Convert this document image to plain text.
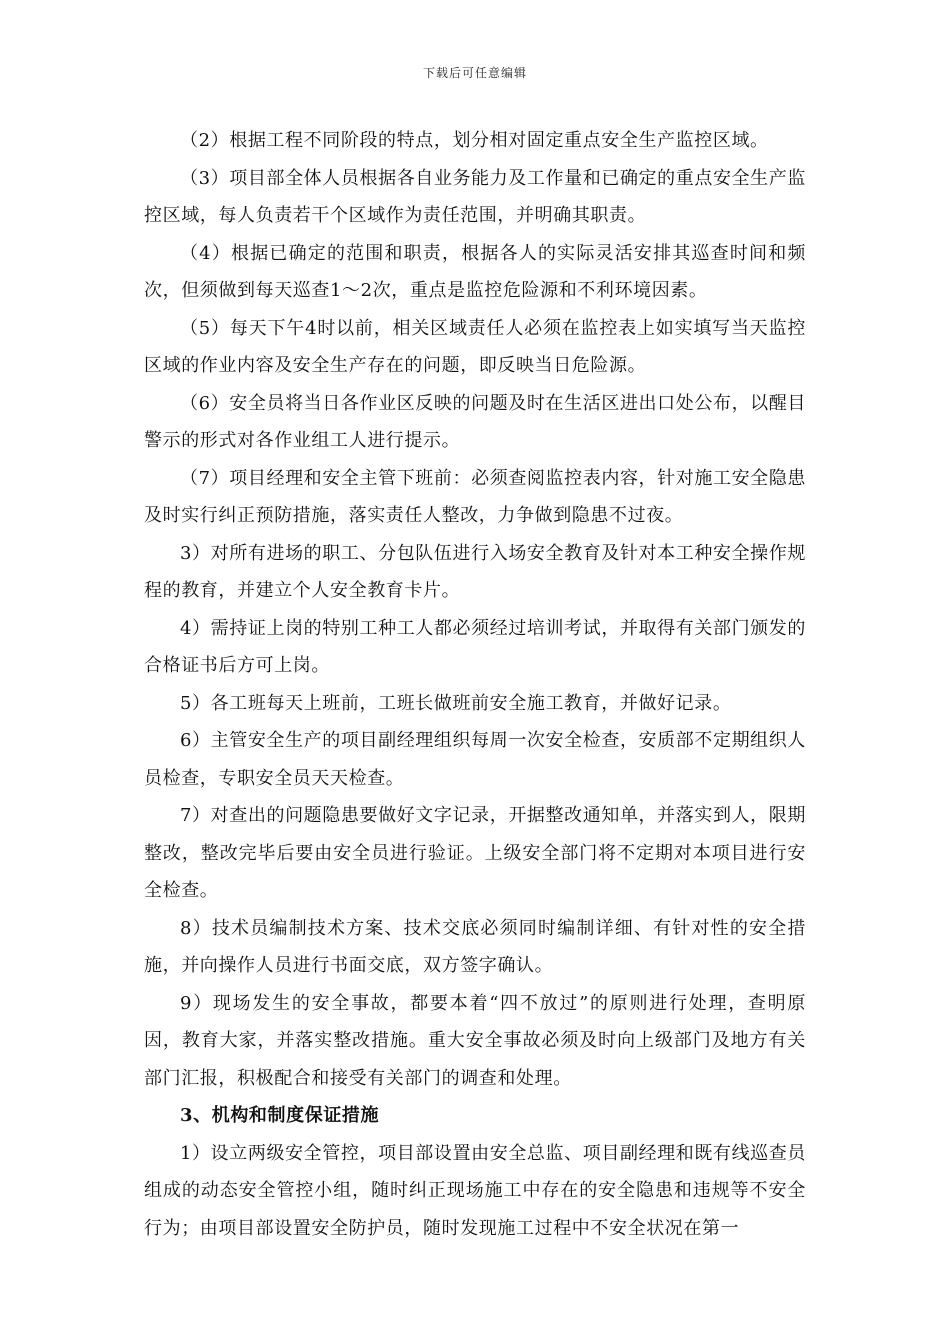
下载后可任意编辑

（2）根据工程不同阶段的特点，划分相对固定重点安全生产监控区域。

（3）项目部全体人员根据各自业务能力及工作量和已确定的重点安全生产监控区域，每人负责若干个区域作为责任范围，并明确其职责。

（4）根据已确定的范围和职责，根据各人的实际灵活安排其巡查时间和频次，但须做到每天巡查1～2次，重点是监控危险源和不利环境因素。

（5）每天下午4时以前，相关区域责任人必须在监控表上如实填写当天监控区域的作业内容及安全生产存在的问题，即反映当日危险源。

（6）安全员将当日各作业区反映的问题及时在生活区进出口处公布，以醒目警示的形式对各作业组工人进行提示。

（7）项目经理和安全主管下班前：必须查阅监控表内容，针对施工安全隐患及时实行纠正预防措施，落实责任人整改，力争做到隐患不过夜。

3）对所有进场的职工、分包队伍进行入场安全教育及针对本工种安全操作规程的教育，并建立个人安全教育卡片。

4）需持证上岗的特别工种工人都必须经过培训考试，并取得有关部门颁发的合格证书后方可上岗。

5）各工班每天上班前，工班长做班前安全施工教育，并做好记录。

6）主管安全生产的项目副经理组织每周一次安全检查，安质部不定期组织人员检查，专职安全员天天检查。

7）对查出的问题隐患要做好文字记录，开据整改通知单，并落实到人，限期整改，整改完毕后要由安全员进行验证。上级安全部门将不定期对本项目进行安全检查。

8）技术员编制技术方案、技术交底必须同时编制详细、有针对性的安全措施，并向操作人员进行书面交底，双方签字确认。

9）现场发生的安全事故，都要本着“四不放过”的原则进行处理，查明原因，教育大家，并落实整改措施。重大安全事故必须及时向上级部门及地方有关部门汇报，积极配合和接受有关部门的调查和处理。

3、机构和制度保证措施

1）设立两级安全管控，项目部设置由安全总监、项目副经理和既有线巡查员组成的动态安全管控小组，随时纠正现场施工中存在的安全隐患和违规等不安全行为；由项目部设置安全防护员，随时发现施工过程中不安全状况在第一
